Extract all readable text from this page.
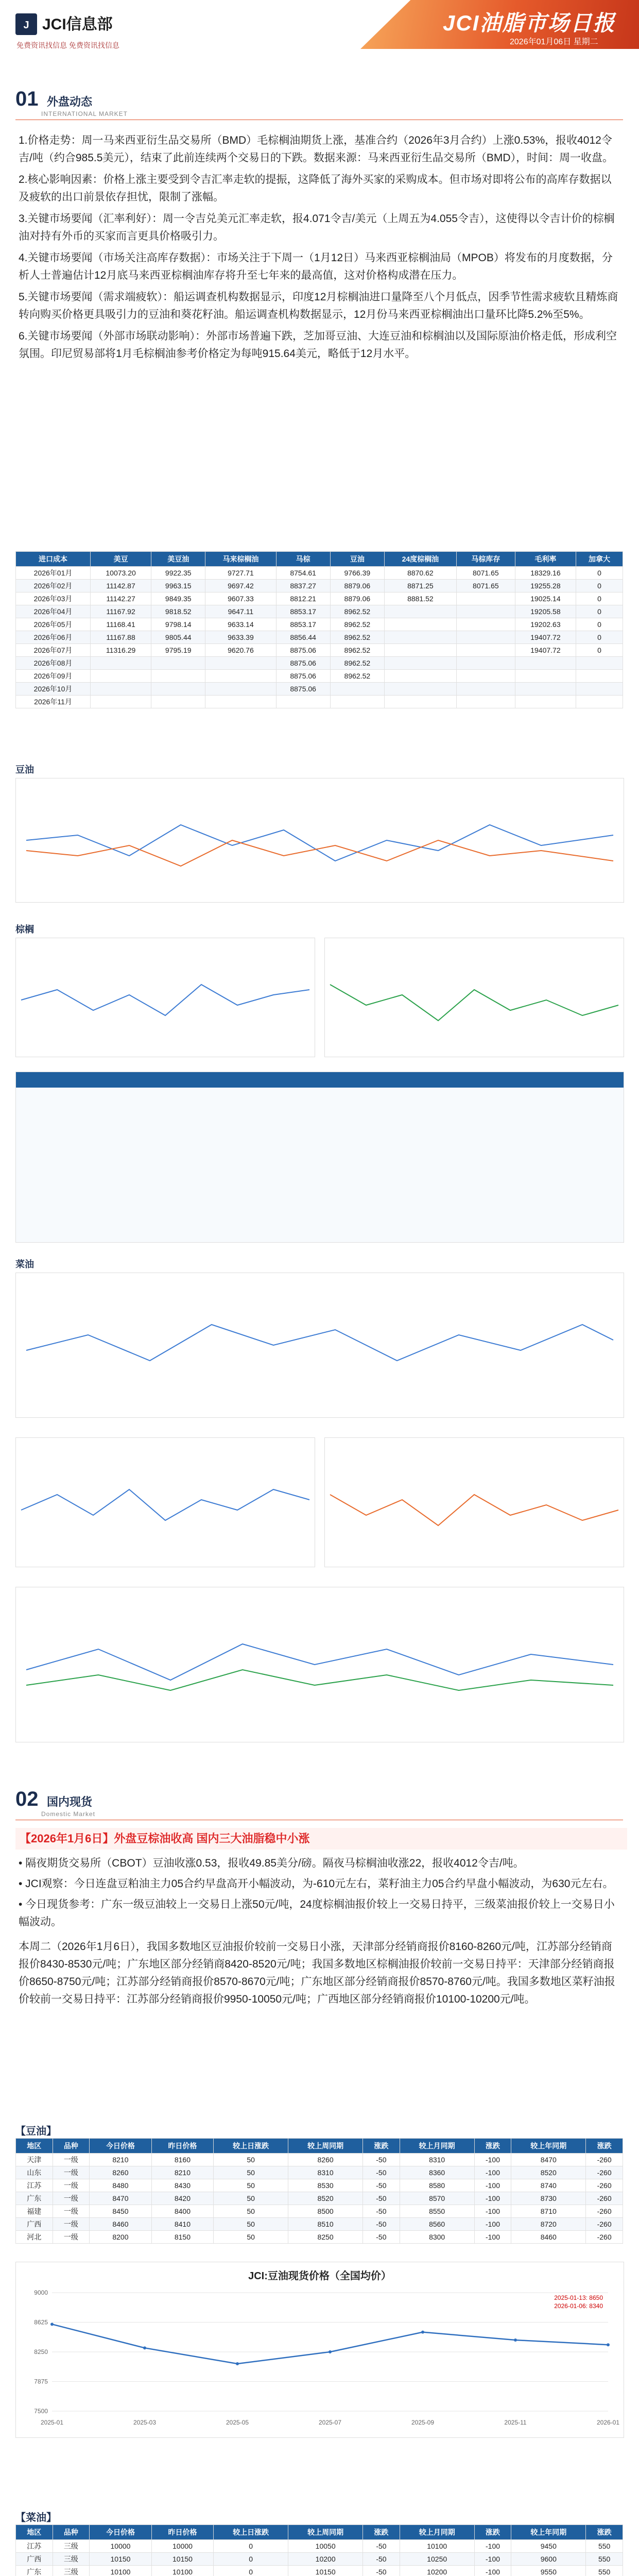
J JCI信息部
免费资讯找信息 免费资讯找信息
JCI油脂市场日报
2026年01月06日 星期二
01 外盘动态
INTERNATIONAL MARKET
1.价格走势：周一马来西亚衍生品交易所（BMD）毛棕榈油期货上涨，基准合约（2026年3月合约）上涨0.53%，报收4012令吉/吨（约合985.5美元），结束了此前连续两个交易日的下跌。数据来源：马来西亚衍生品交易所（BMD），时间：周一收盘。
2.核心影响因素：价格上涨主要受到令吉汇率走软的提振，这降低了海外买家的采购成本。但市场对即将公布的高库存数据以及疲软的出口前景依存担忧，限制了涨幅。
3.关键市场要闻（汇率利好）：周一令吉兑美元汇率走软，报4.071令吉/美元（上周五为4.055令吉），这使得以令吉计价的棕榈油对持有外币的买家而言更具价格吸引力。
4.关键市场要闻（市场关注高库存数据）：市场关注于下周一（1月12日）马来西亚棕榈油局（MPOB）将发布的月度数据，分析人士普遍估计12月底马来西亚棕榈油库存将升至七年来的最高值，这对价格构成潜在压力。
5.关键市场要闻（需求端疲软）：船运调查机构数据显示，印度12月棕榈油进口量降至八个月低点，因季节性需求疲软且精炼商转向购买价格更具吸引力的豆油和葵花籽油。船运调查机构数据显示，12月份马来西亚棕榈油出口量环比降5.2%至5%。
6.关键市场要闻（外部市场联动影响）：外部市场普遍下跌，芝加哥豆油、大连豆油和棕榈油以及国际原油价格走低，形成利空氛围。印尼贸易部将1月毛棕榈油参考价格定为每吨915.64美元，略低于12月水平。
进口成本	美豆	美豆油	马来棕榈油	马棕	豆油	24度棕榈油	马棕库存	毛利率	加拿大
2026年01月	10073.20	9922.35	9727.71	8754.61	9766.39	8870.62	8071.65	18329.16	0
2026年02月	11142.87	9963.15	9697.42	8837.27	8879.06	8871.25	8071.65	19255.28	0
2026年03月	11142.27	9849.35	9607.33	8812.21	8879.06	8881.52		19025.14	0
2026年04月	11167.92	9818.52	9647.11	8853.17	8962.52			19205.58	0
2026年05月	11168.41	9798.14	9633.14	8853.17	8962.52			19202.63	0
2026年06月	11167.88	9805.44	9633.39	8856.44	8962.52			19407.72	0
2026年07月	11316.29	9795.19	9620.76	8875.06	8962.52			19407.72	0
2026年08月				8875.06	8962.52				
2026年09月				8875.06	8962.52				
2026年10月				8875.06					
2026年11月									
豆油
棕榈
菜油
02 国内现货
Domestic Market
【2026年1月6日】外盘豆棕油收高 国内三大油脂稳中小涨
• 隔夜期货交易所（CBOT）豆油收涨0.53，报收49.85美分/磅。隔夜马棕榈油收涨22，报收4012令吉/吨。
• JCI观察：今日连盘豆粕油主力05合约早盘高开小幅波动，为-610元左右，菜籽油主力05合约早盘小幅波动，为630元左右。
• 今日现货参考：广东一级豆油较上一交易日上涨50元/吨，24度棕榈油报价较上一交易日持平，三级菜油报价较上一交易日小幅波动。
本周二（2026年1月6日），我国多数地区豆油报价较前一交易日小涨，天津部分经销商报价8160-8260元/吨，江苏部分经销商报价8430-8530元/吨；广东地区部分经销商8420-8520元/吨；我国多数地区棕榈油报价较前一交易日持平：天津部分经销商报价8650-8750元/吨；江苏部分经销商报价8570-8670元/吨；广东地区部分经销商报价8570-8760元/吨。我国多数地区菜籽油报价较前一交易日持平：江苏部分经销商报价9950-10050元/吨；广西地区部分经销商报价10100-10200元/吨。
【豆油】
地区	品种	今日价格	昨日价格	较上日涨跌	较上周同期	涨跌	较上月同期	涨跌	较上年同期	涨跌
天津	一级	8210	8160	50	8260	-50	8310	-100	8470	-260
山东	一级	8260	8210	50	8310	-50	8360	-100	8520	-260
江苏	一级	8480	8430	50	8530	-50	8580	-100	8740	-260
广东	一级	8470	8420	50	8520	-50	8570	-100	8730	-260
福建	一级	8450	8400	50	8500	-50	8550	-100	8710	-260
广西	一级	8460	8410	50	8510	-50	8560	-100	8720	-260
河北	一级	8200	8150	50	8250	-50	8300	-100	8460	-260
JCI:豆油现货价格（全国均价）
7500
7875
8250
8625
9000
2025-01	2025-03	2025-05	2025-07	2025-09	2025-11	2026-01
2025-01-13: 8650
2026-01-06: 8340
【菜油】
地区	品种	今日价格	昨日价格	较上日涨跌	较上周同期	涨跌	较上月同期	涨跌	较上年同期	涨跌
江苏	三级	10000	10000	0	10050	-50	10100	-100	9450	550
广西	三级	10150	10150	0	10200	-50	10250	-100	9600	550
广东	三级	10100	10100	0	10150	-50	10200	-100	9550	550
